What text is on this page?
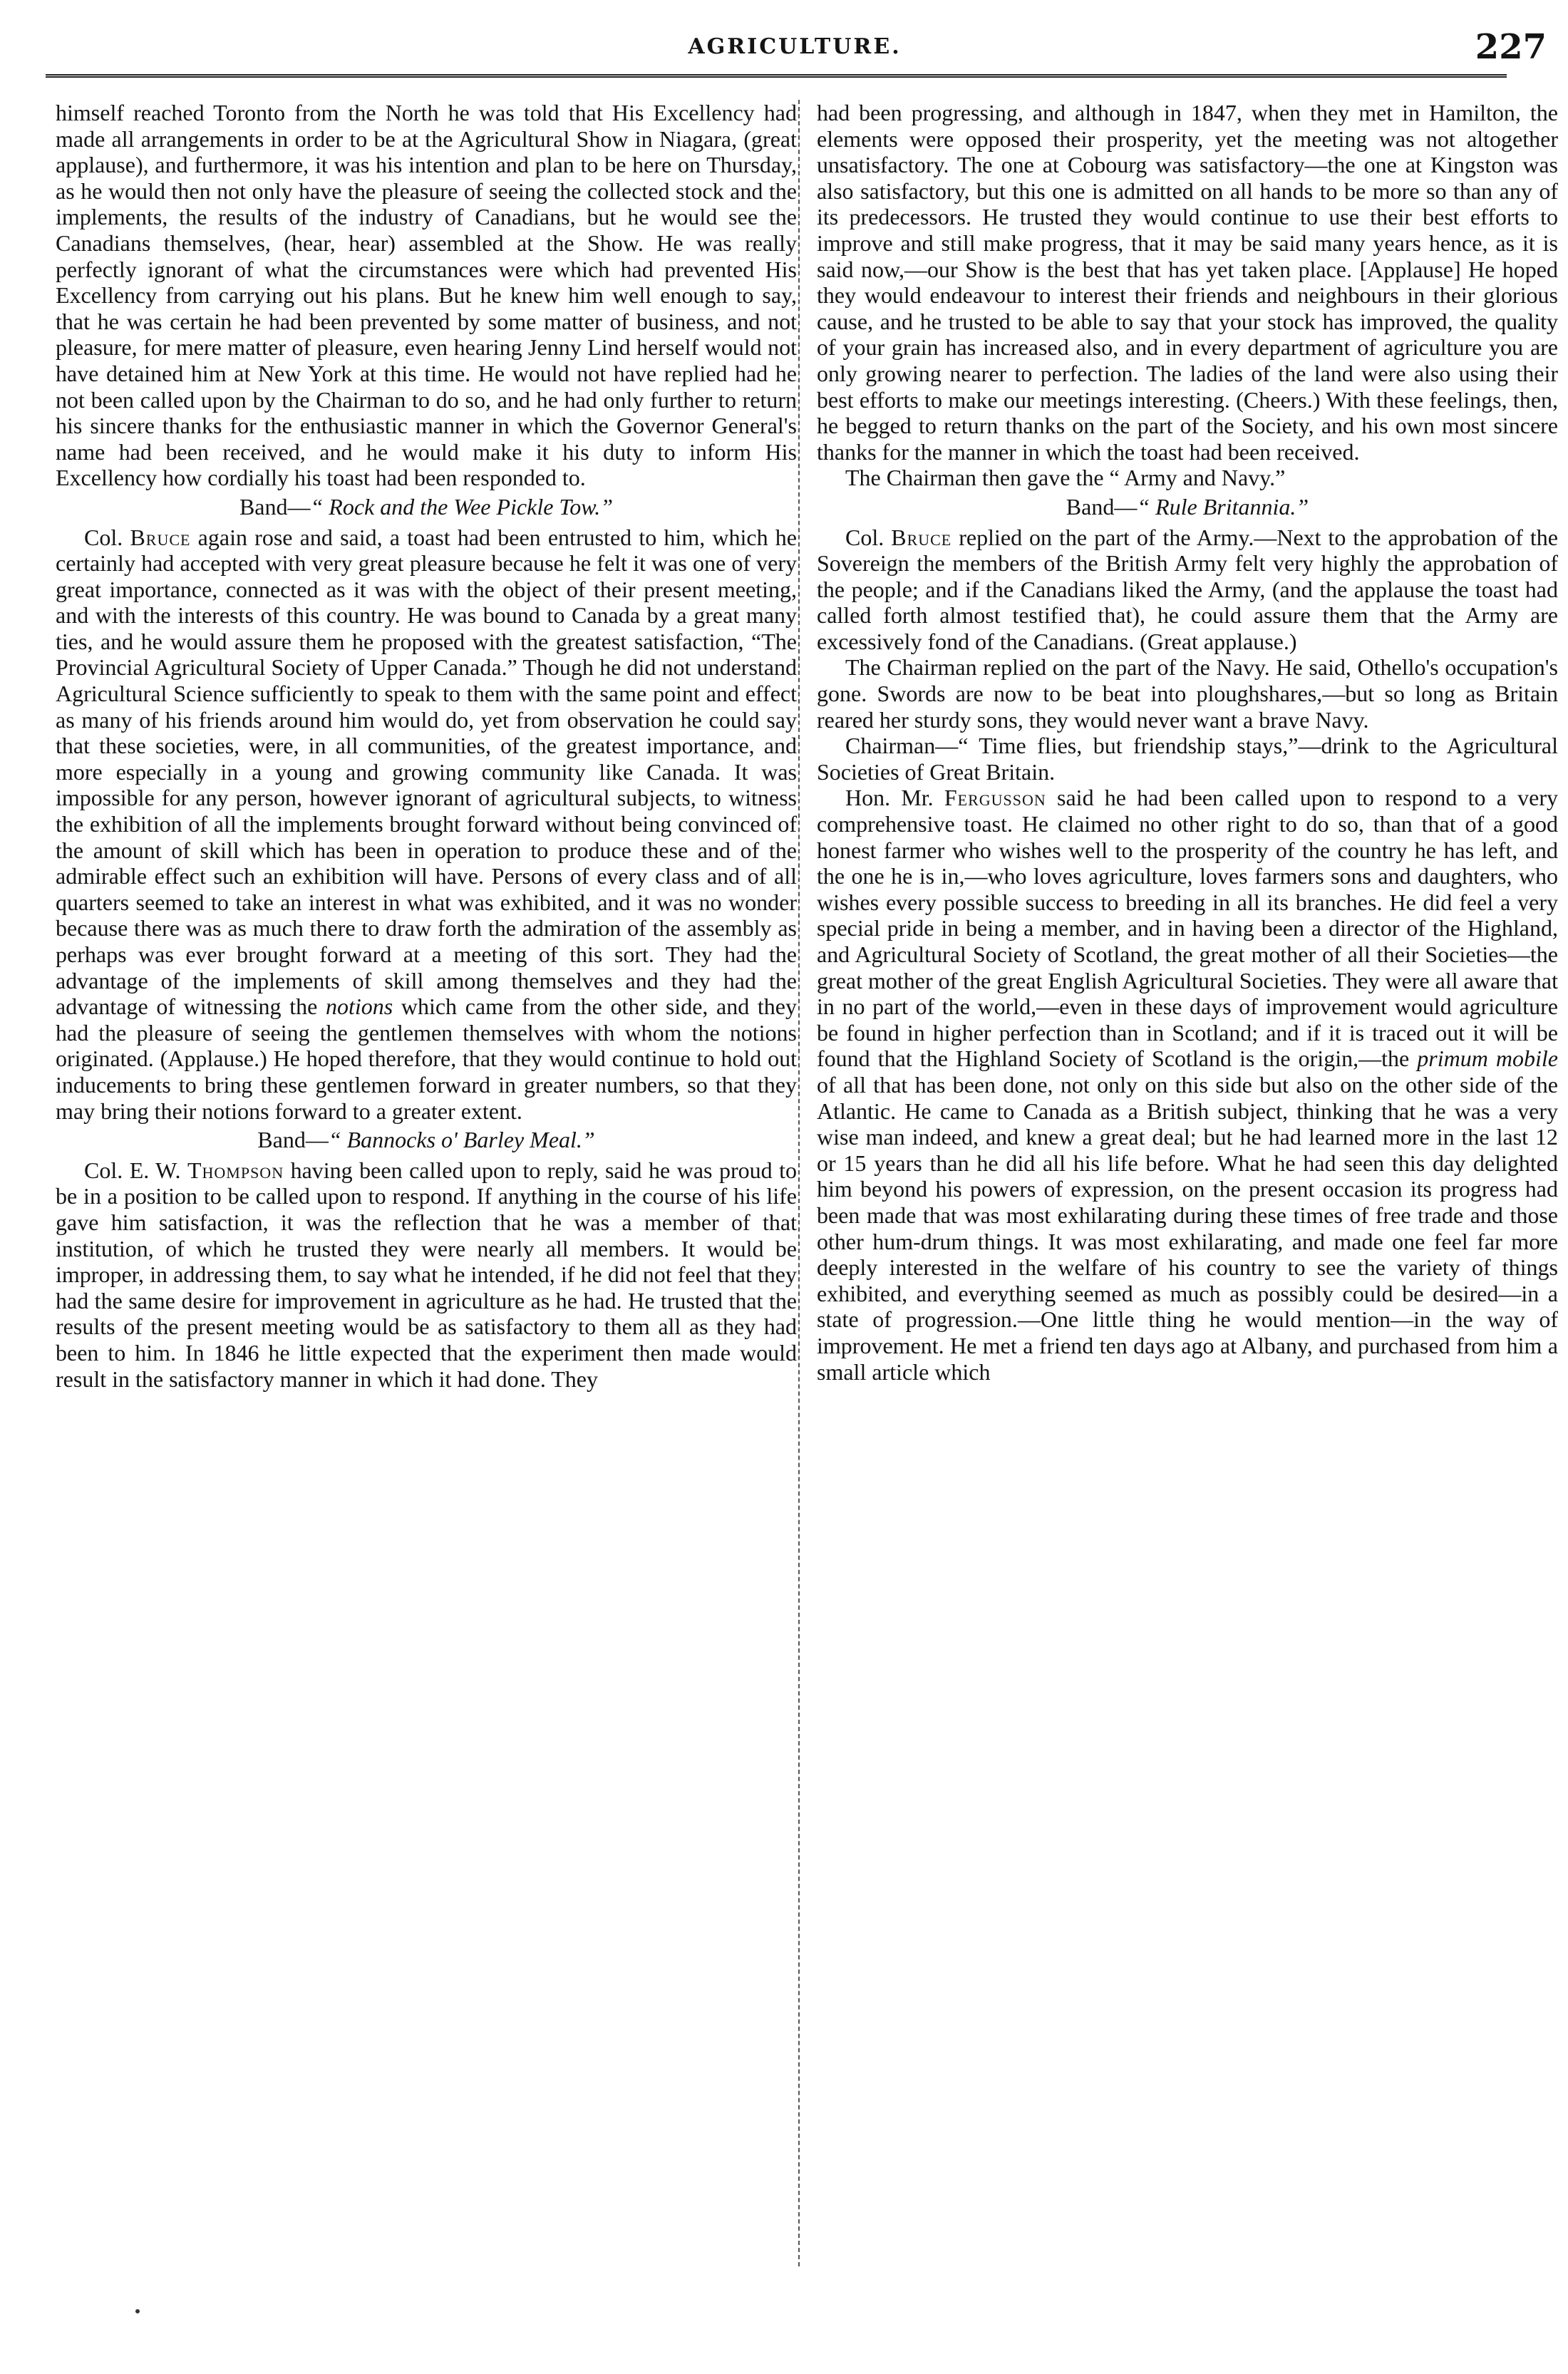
AGRICULTURE.	227

himself reached Toronto from the North he was told that His Excellency had made all arrangements in order to be at the Agricultural Show in Niagara, (great applause), and furthermore, it was his intention and plan to be here on Thursday, as he would then not only have the pleasure of seeing the collected stock and the implements, the results of the industry of Canadians, but he would see the Canadians themselves, (hear, hear) assembled at the Show. He was really perfectly ignorant of what the circumstances were which had prevented His Excellency from carrying out his plans. But he knew him well enough to say, that he was certain he had been prevented by some matter of business, and not pleasure, for mere matter of pleasure, even hearing Jenny Lind herself would not have detained him at New York at this time. He would not have replied had he not been called upon by the Chairman to do so, and he had only further to return his sincere thanks for the enthusiastic manner in which the Governor General's name had been received, and he would make it his duty to inform His Excellency how cordially his toast had been responded to.

Band—“ Rock and the Wee Pickle Tow.”

Col. Bruce again rose and said, a toast had been entrusted to him, which he certainly had accepted with very great pleasure because he felt it was one of very great importance, connected as it was with the object of their present meeting, and with the interests of this country. He was bound to Canada by a great many ties, and he would assure them he proposed with the greatest satisfaction, “The Provincial Agricultural Society of Upper Canada.” Though he did not understand Agricultural Science sufficiently to speak to them with the same point and effect as many of his friends around him would do, yet from observation he could say that these societies, were, in all communities, of the greatest importance, and more especially in a young and growing community like Canada. It was impossible for any person, however ignorant of agricultural subjects, to witness the exhibition of all the implements brought forward without being convinced of the amount of skill which has been in operation to produce these and of the admirable effect such an exhibition will have. Persons of every class and of all quarters seemed to take an interest in what was exhibited, and it was no wonder because there was as much there to draw forth the admiration of the assembly as perhaps was ever brought forward at a meeting of this sort. They had the advantage of the implements of skill among themselves and they had the advantage of witnessing the notions which came from the other side, and they had the pleasure of seeing the gentlemen themselves with whom the notions originated. (Applause.) He hoped therefore, that they would continue to hold out inducements to bring these gentlemen forward in greater numbers, so that they may bring their notions forward to a greater extent.

Band—“ Bannocks o' Barley Meal.”

Col. E. W. Thompson having been called upon to reply, said he was proud to be in a position to be called upon to respond. If anything in the course of his life gave him satisfaction, it was the reflection that he was a member of that institution, of which he trusted they were nearly all members. It would be improper, in addressing them, to say what he intended, if he did not feel that they had the same desire for improvement in agriculture as he had. He trusted that the results of the present meeting would be as satisfactory to them all as they had been to him. In 1846 he little expected that the experiment then made would result in the satisfactory manner in which it had done. They

had been progressing, and although in 1847, when they met in Hamilton, the elements were opposed their prosperity, yet the meeting was not altogether unsatisfactory. The one at Cobourg was satisfactory—the one at Kingston was also satisfactory, but this one is admitted on all hands to be more so than any of its predecessors. He trusted they would continue to use their best efforts to improve and still make progress, that it may be said many years hence, as it is said now,—our Show is the best that has yet taken place. [Applause] He hoped they would endeavour to interest their friends and neighbours in their glorious cause, and he trusted to be able to say that your stock has improved, the quality of your grain has increased also, and in every department of agriculture you are only growing nearer to perfection. The ladies of the land were also using their best efforts to make our meetings interesting. (Cheers.) With these feelings, then, he begged to return thanks on the part of the Society, and his own most sincere thanks for the manner in which the toast had been received.

The Chairman then gave the “ Army and Navy.”

Band—“ Rule Britannia.”

Col. Bruce replied on the part of the Army.—Next to the approbation of the Sovereign the members of the British Army felt very highly the approbation of the people; and if the Canadians liked the Army, (and the applause the toast had called forth almost testified that), he could assure them that the Army are excessively fond of the Canadians. (Great applause.)

The Chairman replied on the part of the Navy. He said, Othello's occupation's gone. Swords are now to be beat into ploughshares,—but so long as Britain reared her sturdy sons, they would never want a brave Navy.

Chairman—“ Time flies, but friendship stays,”—drink to the Agricultural Societies of Great Britain.

Hon. Mr. Fergusson said he had been called upon to respond to a very comprehensive toast. He claimed no other right to do so, than that of a good honest farmer who wishes well to the prosperity of the country he has left, and the one he is in,—who loves agriculture, loves farmers sons and daughters, who wishes every possible success to breeding in all its branches. He did feel a very special pride in being a member, and in having been a director of the Highland, and Agricultural Society of Scotland, the great mother of all their Societies—the great mother of the great English Agricultural Societies. They were all aware that in no part of the world,—even in these days of improvement would agriculture be found in higher perfection than in Scotland; and if it is traced out it will be found that the Highland Society of Scotland is the origin,—the primum mobile of all that has been done, not only on this side but also on the other side of the Atlantic. He came to Canada as a British subject, thinking that he was a very wise man indeed, and knew a great deal; but he had learned more in the last 12 or 15 years than he did all his life before. What he had seen this day delighted him beyond his powers of expression, on the present occasion its progress had been made that was most exhilarating during these times of free trade and those other hum-drum things. It was most exhilarating, and made one feel far more deeply interested in the welfare of his country to see the variety of things exhibited, and everything seemed as much as possibly could be desired—in a state of progression.—One little thing he would mention—in the way of improvement. He met a friend ten days ago at Albany, and purchased from him a small article which
